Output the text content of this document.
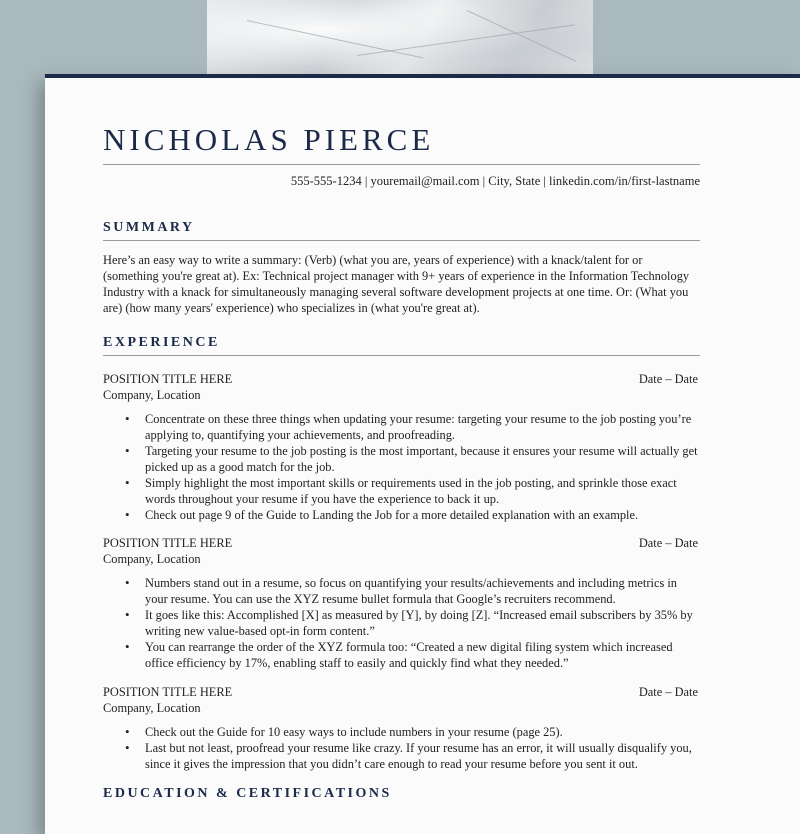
NICHOLAS PIERCE
555-555-1234 | youremail@mail.com | City, State | linkedin.com/in/first-lastname
SUMMARY
Here’s an easy way to write a summary: (Verb) (what you are, years of experience) with a knack/talent for or (something you're great at). Ex: Technical project manager with 9+ years of experience in the Information Technology Industry with a knack for simultaneously managing several software development projects at one time. Or: (What you are) (how many years' experience) who specializes in (what you're great at).
EXPERIENCE
POSITION TITLE HERE	Date – Date
Company, Location
• Concentrate on these three things when updating your resume: targeting your resume to the job posting you’re applying to, quantifying your achievements, and proofreading.
• Targeting your resume to the job posting is the most important, because it ensures your resume will actually get picked up as a good match for the job.
• Simply highlight the most important skills or requirements used in the job posting, and sprinkle those exact words throughout your resume if you have the experience to back it up.
• Check out page 9 of the Guide to Landing the Job for a more detailed explanation with an example.
POSITION TITLE HERE	Date – Date
Company, Location
• Numbers stand out in a resume, so focus on quantifying your results/achievements and including metrics in your resume. You can use the XYZ resume bullet formula that Google’s recruiters recommend.
• It goes like this: Accomplished [X] as measured by [Y], by doing [Z]. “Increased email subscribers by 35% by writing new value-based opt-in form content.”
• You can rearrange the order of the XYZ formula too: “Created a new digital filing system which increased office efficiency by 17%, enabling staff to easily and quickly find what they needed.”
POSITION TITLE HERE	Date – Date
Company, Location
• Check out the Guide for 10 easy ways to include numbers in your resume (page 25).
• Last but not least, proofread your resume like crazy. If your resume has an error, it will usually disqualify you, since it gives the impression that you didn’t care enough to read your resume before you sent it out.
EDUCATION & CERTIFICATIONS
